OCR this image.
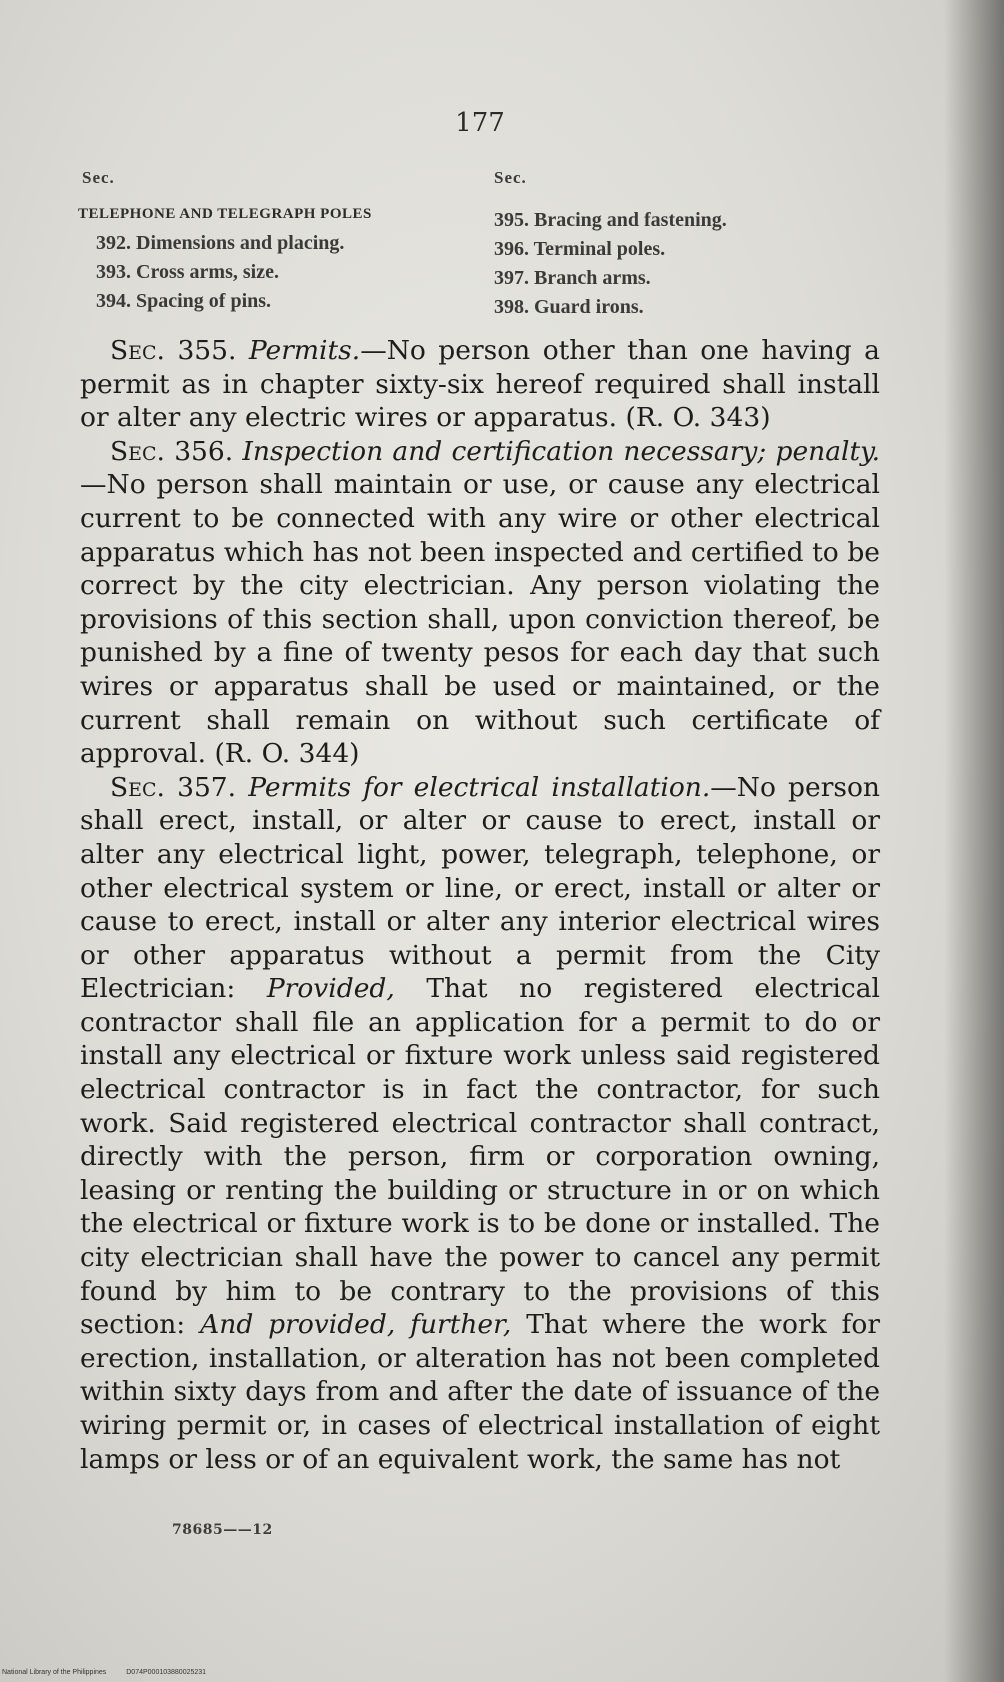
177
Sec.
TELEPHONE AND TELEGRAPH POLES
392. Dimensions and placing.
393. Cross arms, size.
394. Spacing of pins.
Sec.
395. Bracing and fastening.
396. Terminal poles.
397. Branch arms.
398. Guard irons.

Sec. 355. Permits.—No person other than one having a permit as in chapter sixty-six hereof required shall install or alter any electric wires or apparatus. (R. O. 343)

Sec. 356. Inspection and certification necessary; penalty. —No person shall maintain or use, or cause any electrical current to be connected with any wire or other electrical apparatus which has not been inspected and certified to be correct by the city electrician. Any person violating the provisions of this section shall, upon conviction thereof, be punished by a fine of twenty pesos for each day that such wires or apparatus shall be used or maintained, or the current shall remain on without such certificate of approval. (R. O. 344)

Sec. 357. Permits for electrical installation.—No person shall erect, install, or alter or cause to erect, install or alter any electrical light, power, telegraph, telephone, or other electrical system or line, or erect, install or alter or cause to erect, install or alter any interior electrical wires or other apparatus without a permit from the City Electrician: Provided, That no registered electrical contractor shall file an application for a permit to do or install any electrical or fixture work unless said registered electrical contractor is in fact the contractor, for such work. Said registered electrical contractor shall contract, directly with the person, firm or corporation owning, leasing or renting the building or structure in or on which the electrical or fixture work is to be done or installed. The city electrician shall have the power to cancel any permit found by him to be contrary to the provisions of this section: And provided, further, That where the work for erection, installation, or alteration has not been completed within sixty days from and after the date of issuance of the wiring permit or, in cases of electrical installation of eight lamps or less or of an equivalent work, the same has not

78685——12
National Library of the Philippines	D074P000103880025231
